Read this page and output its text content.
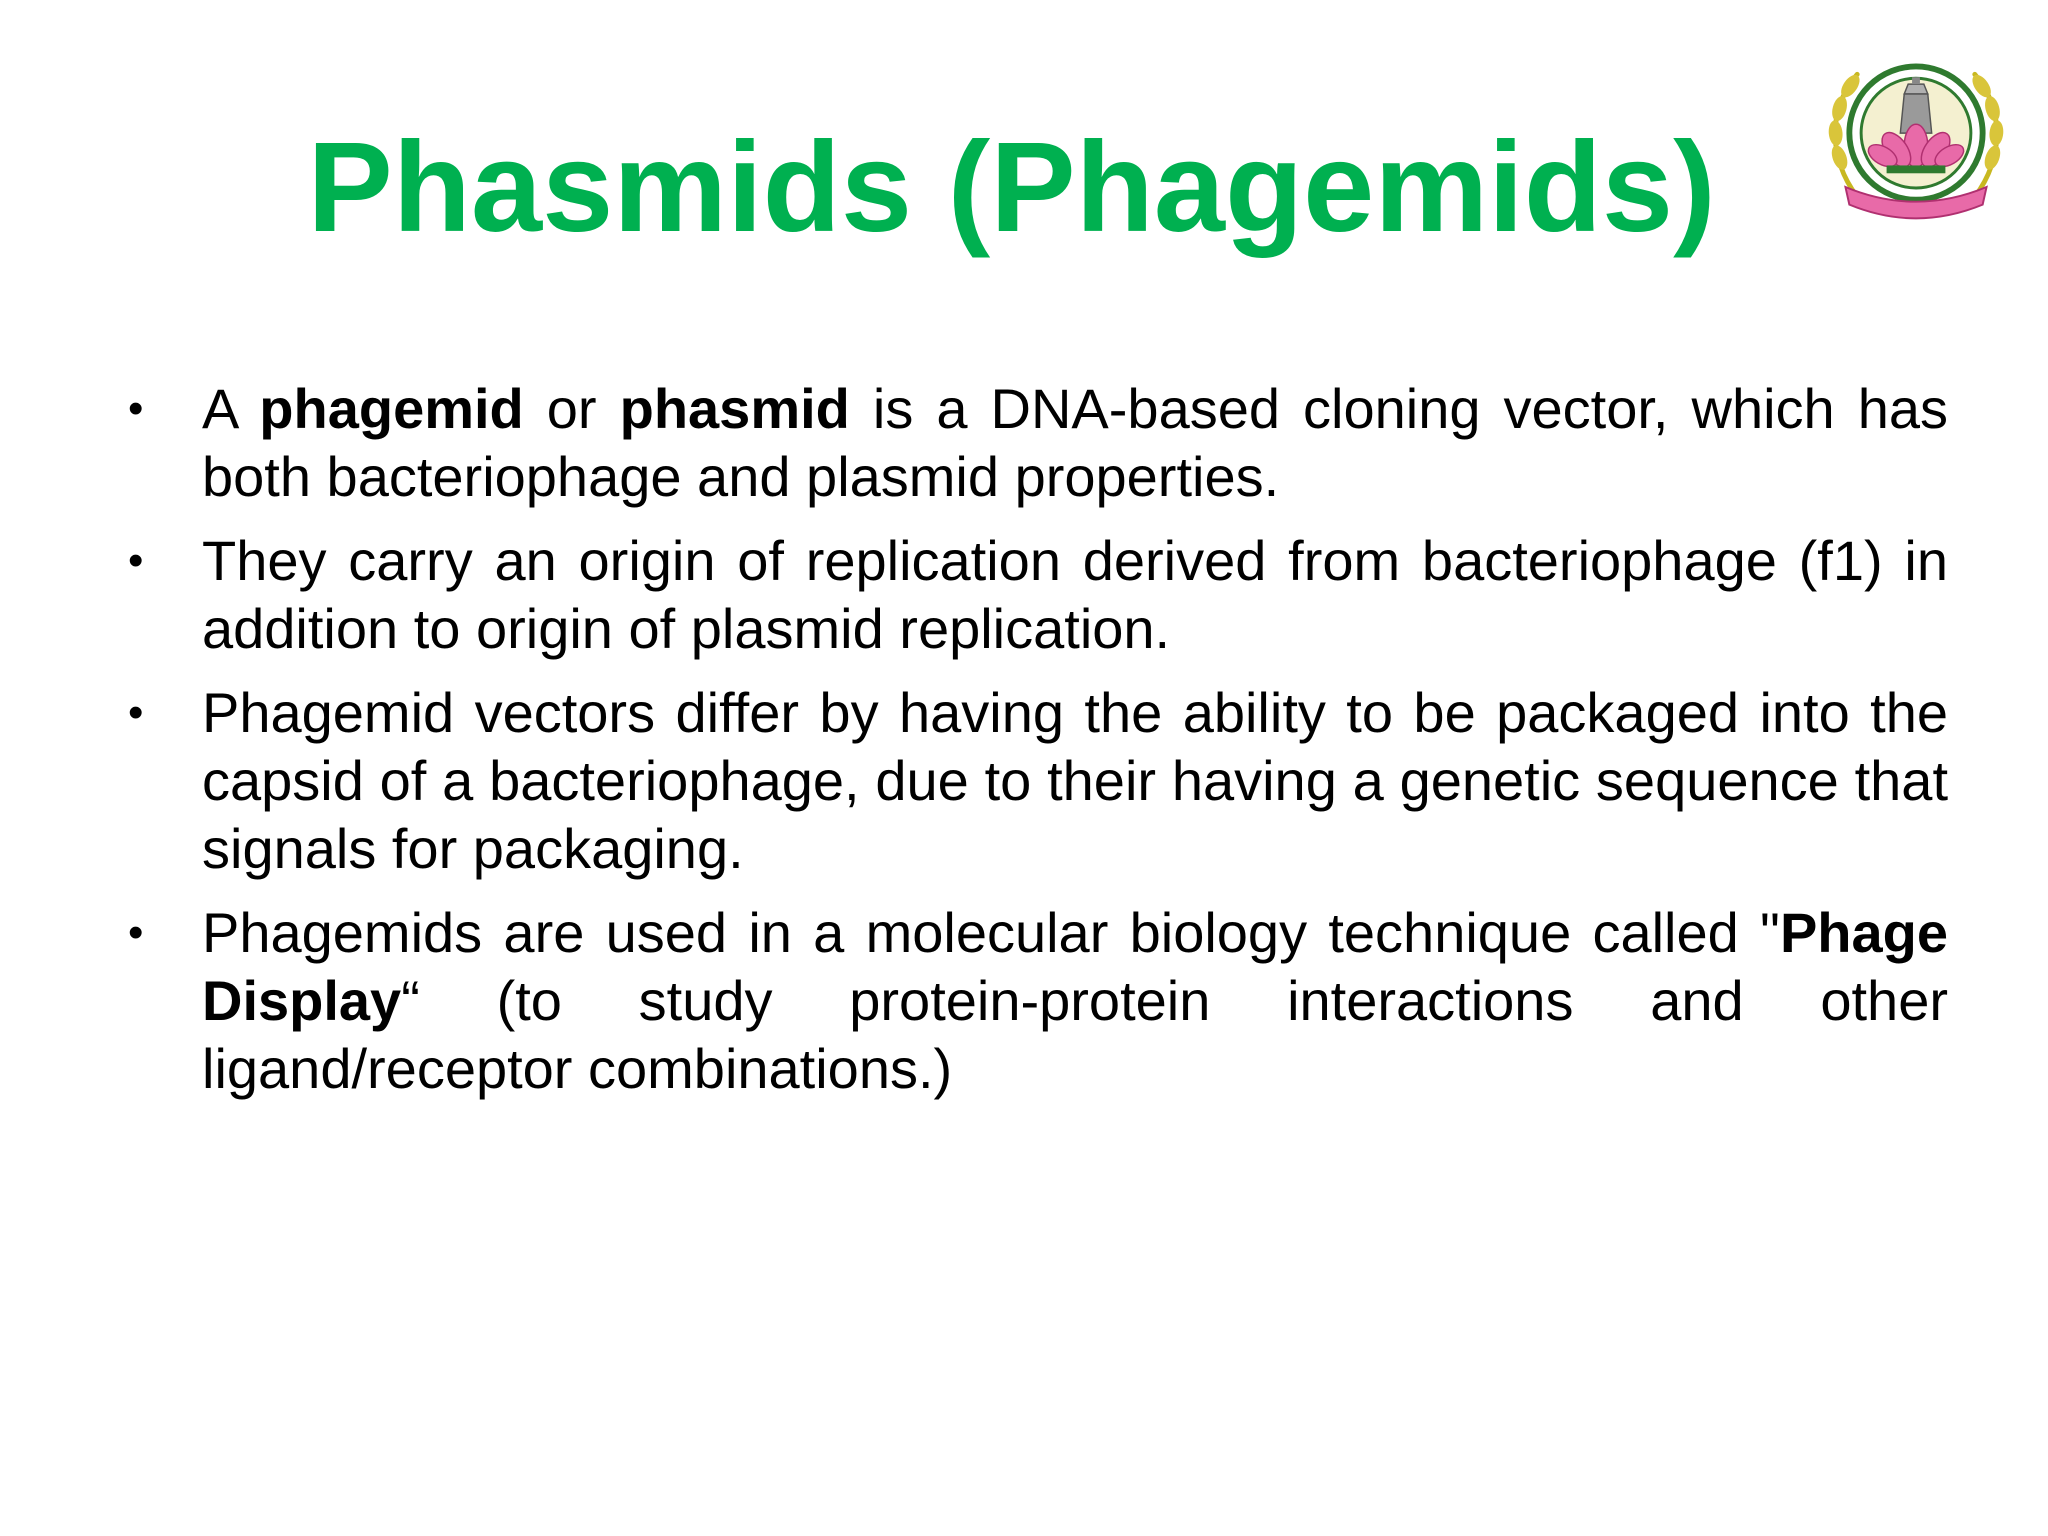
Phasmids (Phagemids)
• A phagemid or phasmid is a DNA-based cloning vector, which has both bacteriophage and plasmid properties.
• They carry an origin of replication derived from bacteriophage (f1) in addition to origin of plasmid replication.
• Phagemid vectors differ by having the ability to be packaged into the capsid of a bacteriophage, due to their having a genetic sequence that signals for packaging.
• Phagemids are used in a molecular biology technique called "Phage Display“ (to study protein-protein interactions and other ligand/receptor combinations.)
